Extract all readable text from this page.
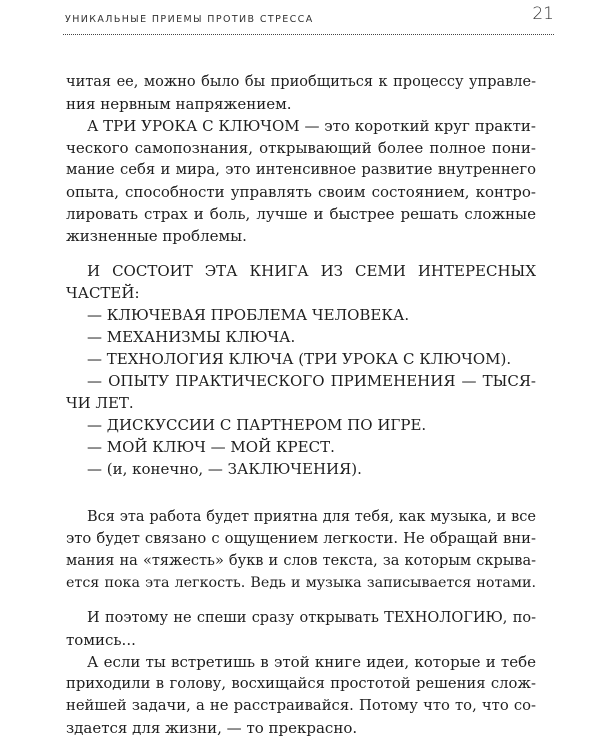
УНИКАЛЬНЫЕ ПРИЕМЫ ПРОТИВ СТРЕССА	21
читая ее, можно было бы приобщиться к процессу управле-
ния нервным напряжением.
А ТРИ УРОКА С КЛЮЧОМ — это короткий круг практи-
ческого самопознания, открывающий более полное пони-
мание себя и мира, это интенсивное развитие внутреннего
опыта, способности управлять своим состоянием, контро-
лировать страх и боль, лучше и быстрее решать сложные
жизненные проблемы.
И СОСТОИТ ЭТА КНИГА ИЗ СЕМИ ИНТЕРЕСНЫХ
ЧАСТЕЙ:
— КЛЮЧЕВАЯ ПРОБЛЕМА ЧЕЛОВЕКА.
— МЕХАНИЗМЫ КЛЮЧА.
— ТЕХНОЛОГИЯ КЛЮЧА (ТРИ УРОКА С КЛЮЧОМ).
— ОПЫТУ ПРАКТИЧЕСКОГО ПРИМЕНЕНИЯ — ТЫСЯ-
ЧИ ЛЕТ.
— ДИСКУССИИ С ПАРТНЕРОМ ПО ИГРЕ.
— МОЙ КЛЮЧ — МОЙ КРЕСТ.
— (и, конечно, — ЗАКЛЮЧЕНИЯ).
Вся эта работа будет приятна для тебя, как музыка, и все
это будет связано с ощущением легкости. Не обращай вни-
мания на «тяжесть» букв и слов текста, за которым скрыва-
ется пока эта легкость. Ведь и музыка записывается нотами.
И поэтому не спеши сразу открывать ТЕХНОЛОГИЮ, по-
томись...
А если ты встретишь в этой книге идеи, которые и тебе
приходили в голову, восхищайся простотой решения слож-
нейшей задачи, а не расстраивайся. Потому что то, что со-
здается для жизни, — то прекрасно.
